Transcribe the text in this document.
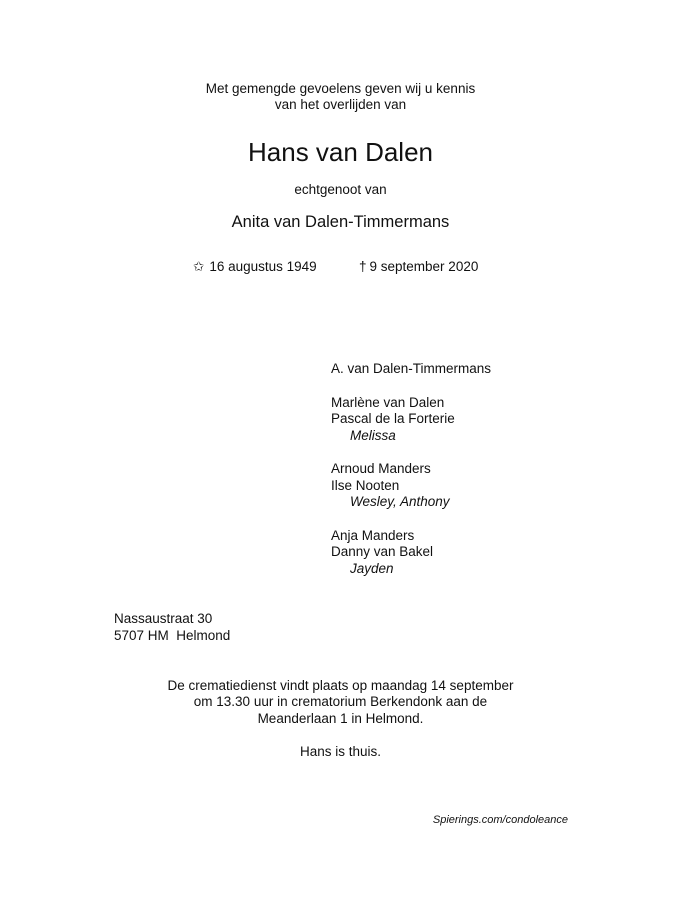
Met gemengde gevoelens geven wij u kennis
van het overlijden van
Hans van Dalen
echtgenoot van
Anita van Dalen-Timmermans
✩ 16 augustus 1949	† 9 september 2020
A. van Dalen-Timmermans
Marlène van Dalen
Pascal de la Forterie
Melissa
Arnoud Manders
Ilse Nooten
Wesley, Anthony
Anja Manders
Danny van Bakel
Jayden
Nassaustraat 30
5707 HM  Helmond
De crematiedienst vindt plaats op maandag 14 september
om 13.30 uur in crematorium Berkendonk aan de
Meanderlaan 1 in Helmond.
Hans is thuis.
Spierings.com/condoleance
